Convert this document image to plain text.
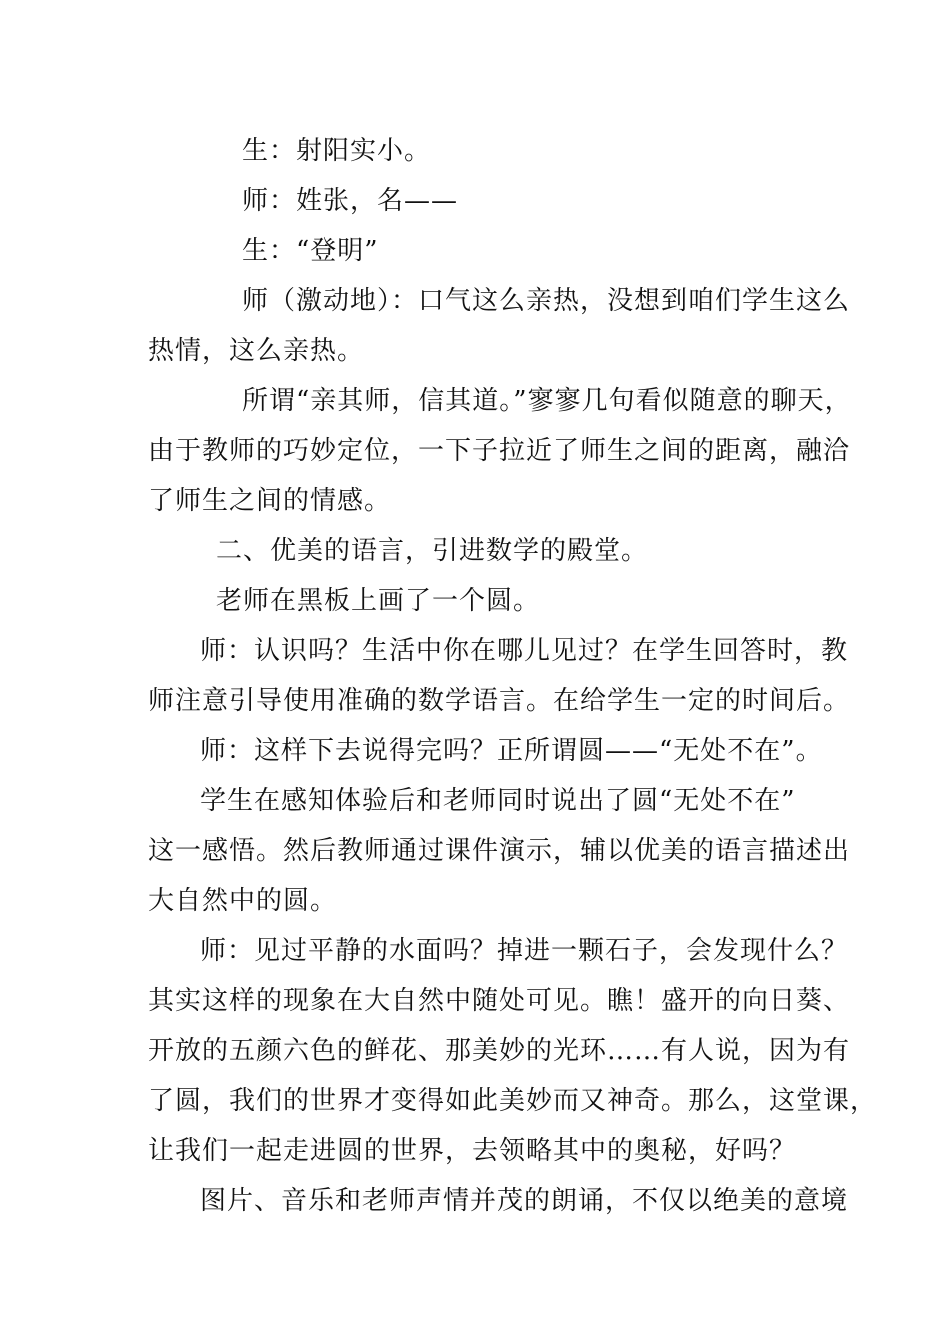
生：射阳实小。
师：姓张，名——
生：“登明”
师（激动地）：口气这么亲热，没想到咱们学生这么
热情，这么亲热。
所谓“亲其师，信其道。”寥寥几句看似随意的聊天，
由于教师的巧妙定位，一下子拉近了师生之间的距离，融洽
了师生之间的情感。
二、优美的语言，引进数学的殿堂。
老师在黑板上画了一个圆。
师：认识吗？生活中你在哪儿见过？在学生回答时，教
师注意引导使用准确的数学语言。在给学生一定的时间后。
师：这样下去说得完吗？正所谓圆——“无处不在”。
学生在感知体验后和老师同时说出了圆“无处不在”
这一感悟。然后教师通过课件演示，辅以优美的语言描述出
大自然中的圆。
师：见过平静的水面吗？掉进一颗石子，会发现什么？
其实这样的现象在大自然中随处可见。瞧！盛开的向日葵、
开放的五颜六色的鲜花、那美妙的光环……有人说，因为有
了圆，我们的世界才变得如此美妙而又神奇。那么，这堂课，
让我们一起走进圆的世界，去领略其中的奥秘，好吗？
图片、音乐和老师声情并茂的朗诵，不仅以绝美的意境
